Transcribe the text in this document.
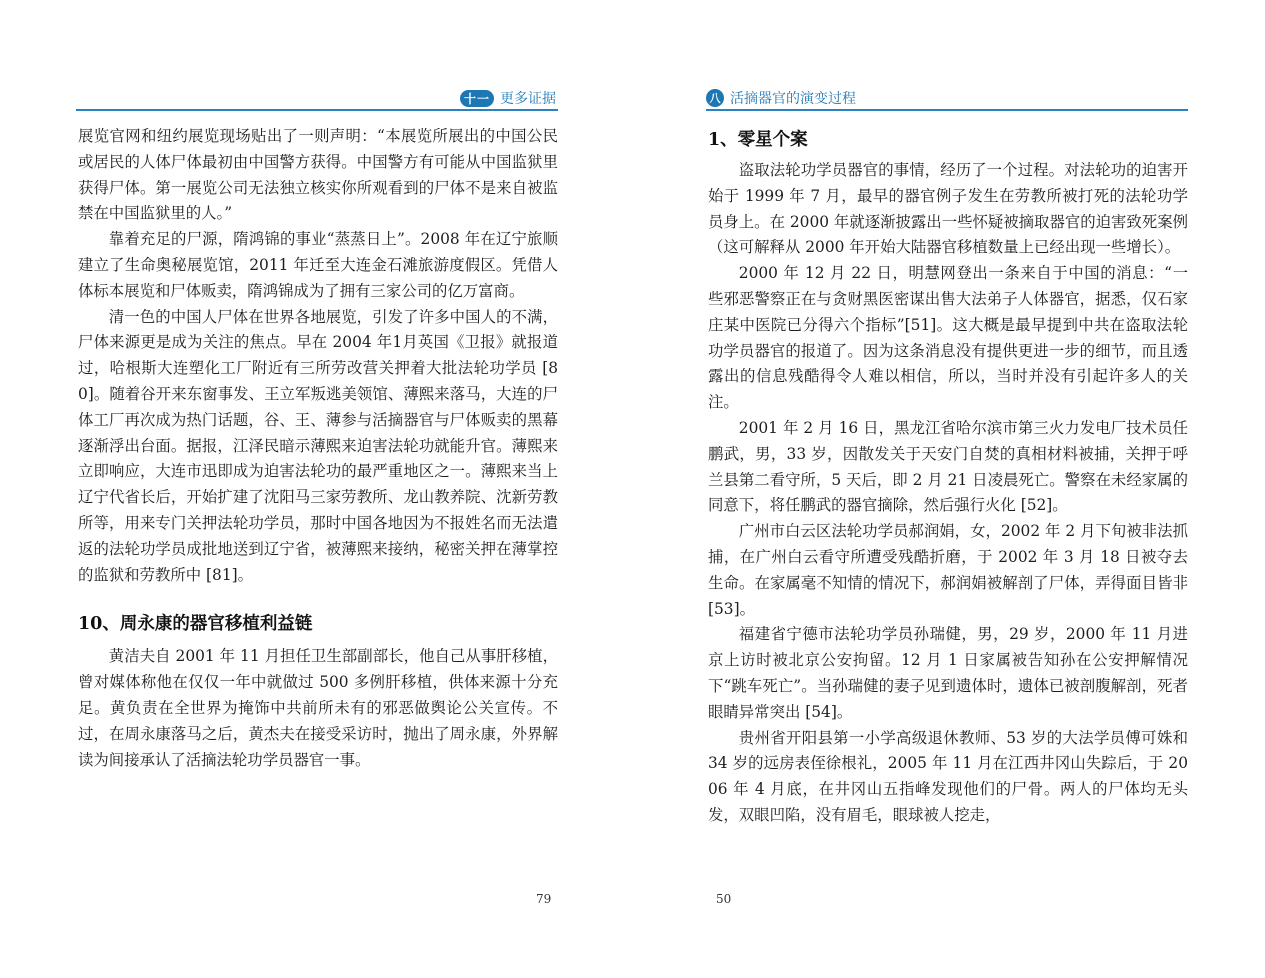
十一 更多证据

展览官网和纽约展览现场贴出了一则声明：“本展览所展出的中国公民或居民的人体尸体最初由中国警方获得。中国警方有可能从中国监狱里获得尸体。第一展览公司无法独立核实你所观看到的尸体不是来自被监禁在中国监狱里的人。”

靠着充足的尸源，隋鸿锦的事业“蒸蒸日上”。2008 年在辽宁旅顺建立了生命奥秘展览馆，2011 年迁至大连金石滩旅游度假区。凭借人体标本展览和尸体贩卖，隋鸿锦成为了拥有三家公司的亿万富商。

清一色的中国人尸体在世界各地展览，引发了许多中国人的不满，尸体来源更是成为关注的焦点。早在 2004 年1月英国《卫报》就报道过，哈根斯大连塑化工厂附近有三所劳改营关押着大批法轮功学员 [80]。随着谷开来东窗事发、王立军叛逃美领馆、薄熙来落马，大连的尸体工厂再次成为热门话题，谷、王、薄参与活摘器官与尸体贩卖的黑幕逐渐浮出台面。据报，江泽民暗示薄熙来迫害法轮功就能升官。薄熙来立即响应，大连市迅即成为迫害法轮功的最严重地区之一。薄熙来当上辽宁代省长后，开始扩建了沈阳马三家劳教所、龙山教养院、沈新劳教所等，用来专门关押法轮功学员，那时中国各地因为不报姓名而无法遣返的法轮功学员成批地送到辽宁省，被薄熙来接纳，秘密关押在薄掌控的监狱和劳教所中 [81]。

10、周永康的器官移植利益链

黄洁夫自 2001 年 11 月担任卫生部副部长，他自己从事肝移植，曾对媒体称他在仅仅一年中就做过 500 多例肝移植，供体来源十分充足。黄负责在全世界为掩饰中共前所未有的邪恶做舆论公关宣传。不过，在周永康落马之后，黄杰夫在接受采访时，抛出了周永康，外界解读为间接承认了活摘法轮功学员器官一事。

79
八 活摘器官的演变过程
1、零星个案

盗取法轮功学员器官的事情，经历了一个过程。对法轮功的迫害开始于 1999 年 7 月，最早的器官例子发生在劳教所被打死的法轮功学员身上。在 2000 年就逐渐披露出一些怀疑被摘取器官的迫害致死案例（这可解释从 2000 年开始大陆器官移植数量上已经出现一些增长）。

2000 年 12 月 22 日，明慧网登出一条来自于中国的消息：“一些邪恶警察正在与贪财黑医密谋出售大法弟子人体器官，据悉，仅石家庄某中医院已分得六个指标”[51]。这大概是最早提到中共在盗取法轮功学员器官的报道了。因为这条消息没有提供更进一步的细节，而且透露出的信息残酷得令人难以相信，所以，当时并没有引起许多人的关注。

2001 年 2 月 16 日，黑龙江省哈尔滨市第三火力发电厂技术员任鹏武，男，33 岁，因散发关于天安门自焚的真相材料被捕，关押于呼兰县第二看守所，5 天后，即 2 月 21 日凌晨死亡。警察在未经家属的同意下，将任鹏武的器官摘除，然后强行火化 [52]。

广州市白云区法轮功学员郝润娟，女，2002 年 2 月下旬被非法抓捕，在广州白云看守所遭受残酷折磨，于 2002 年 3 月 18 日被夺去生命。在家属毫不知情的情况下，郝润娟被解剖了尸体，弄得面目皆非 [53]。

福建省宁德市法轮功学员孙瑞健，男，29 岁，2000 年 11 月进京上访时被北京公安拘留。12 月 1 日家属被告知孙在公安押解情况下“跳车死亡”。当孙瑞健的妻子见到遗体时，遗体已被剖腹解剖，死者眼睛异常突出 [54]。

贵州省开阳县第一小学高级退休教师、53 岁的大法学员傅可姝和 34 岁的远房表侄徐根礼，2005 年 11 月在江西井冈山失踪后，于 2006 年 4 月底，在井冈山五指峰发现他们的尸骨。两人的尸体均无头发，双眼凹陷，没有眉毛，眼球被人挖走，

50
